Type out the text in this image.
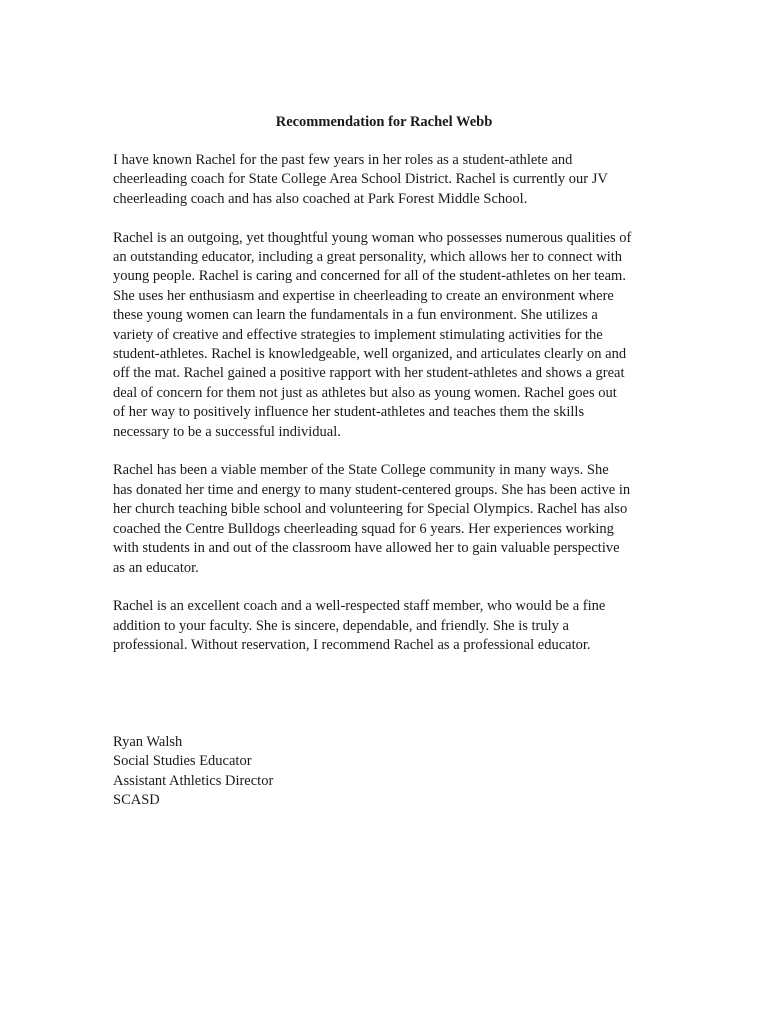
Recommendation for Rachel Webb

I have known Rachel for the past few years in her roles as a student-athlete and
cheerleading coach for State College Area School District. Rachel is currently our JV
cheerleading coach and has also coached at Park Forest Middle School.

Rachel is an outgoing, yet thoughtful young woman who possesses numerous qualities of
an outstanding educator, including a great personality, which allows her to connect with
young people. Rachel is caring and concerned for all of the student-athletes on her team.
She uses her enthusiasm and expertise in cheerleading to create an environment where
these young women can learn the fundamentals in a fun environment. She utilizes a
variety of creative and effective strategies to implement stimulating activities for the
student-athletes. Rachel is knowledgeable, well organized, and articulates clearly on and
off the mat. Rachel gained a positive rapport with her student-athletes and shows a great
deal of concern for them not just as athletes but also as young women. Rachel goes out
of her way to positively influence her student-athletes and teaches them the skills
necessary to be a successful individual.

Rachel has been a viable member of the State College community in many ways. She
has donated her time and energy to many student-centered groups. She has been active in
her church teaching bible school and volunteering for Special Olympics. Rachel has also
coached the Centre Bulldogs cheerleading squad for 6 years. Her experiences working
with students in and out of the classroom have allowed her to gain valuable perspective
as an educator.

Rachel is an excellent coach and a well-respected staff member, who would be a fine
addition to your faculty. She is sincere, dependable, and friendly. She is truly a
professional. Without reservation, I recommend Rachel as a professional educator.

Ryan Walsh
Social Studies Educator
Assistant Athletics Director
SCASD
